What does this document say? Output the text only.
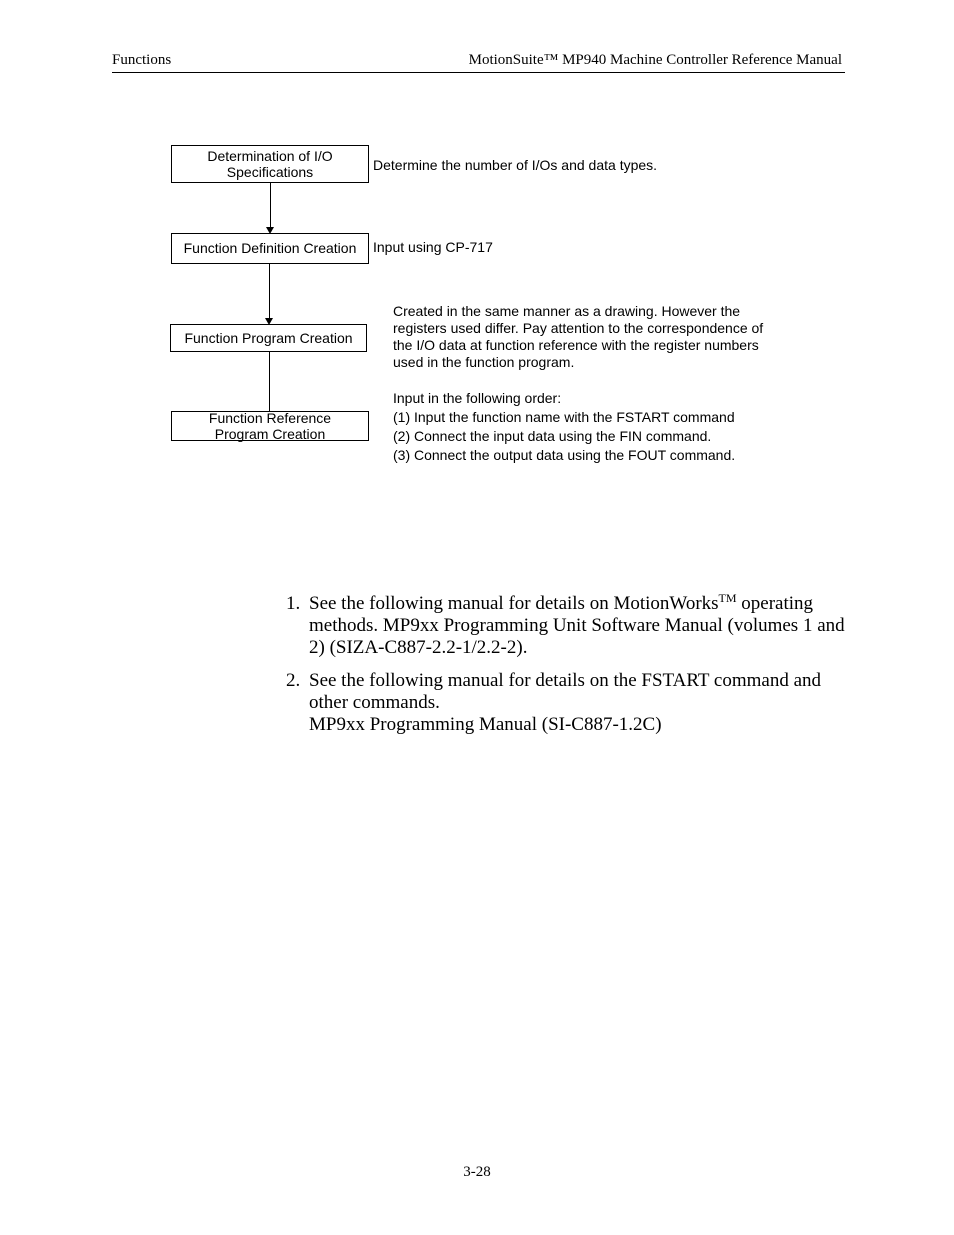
Functions	MotionSuite™ MP940 Machine Controller Reference Manual
Determination of I/O
Specifications
Function Definition Creation
Function Program Creation
Function Reference
Program Creation
Determine the number of I/Os and data types.
Input using CP-717
Created in the same manner as a drawing. However the
registers used differ. Pay attention to the correspondence of
the I/O data at function reference with the register numbers
used in the function program.
Input in the following order:
(1) Input the function name with the FSTART command
(2) Connect the input data using the FIN command.
(3) Connect the output data using the FOUT command.
1. See the following manual for details on MotionWorks™ operating methods. MP9xx Programming Unit Software Manual (volumes 1 and 2) (SIZA-C887-2.2-1/2.2-2).
2. See the following manual for details on the FSTART command and other commands.
MP9xx Programming Manual (SI-C887-1.2C)
3-28
